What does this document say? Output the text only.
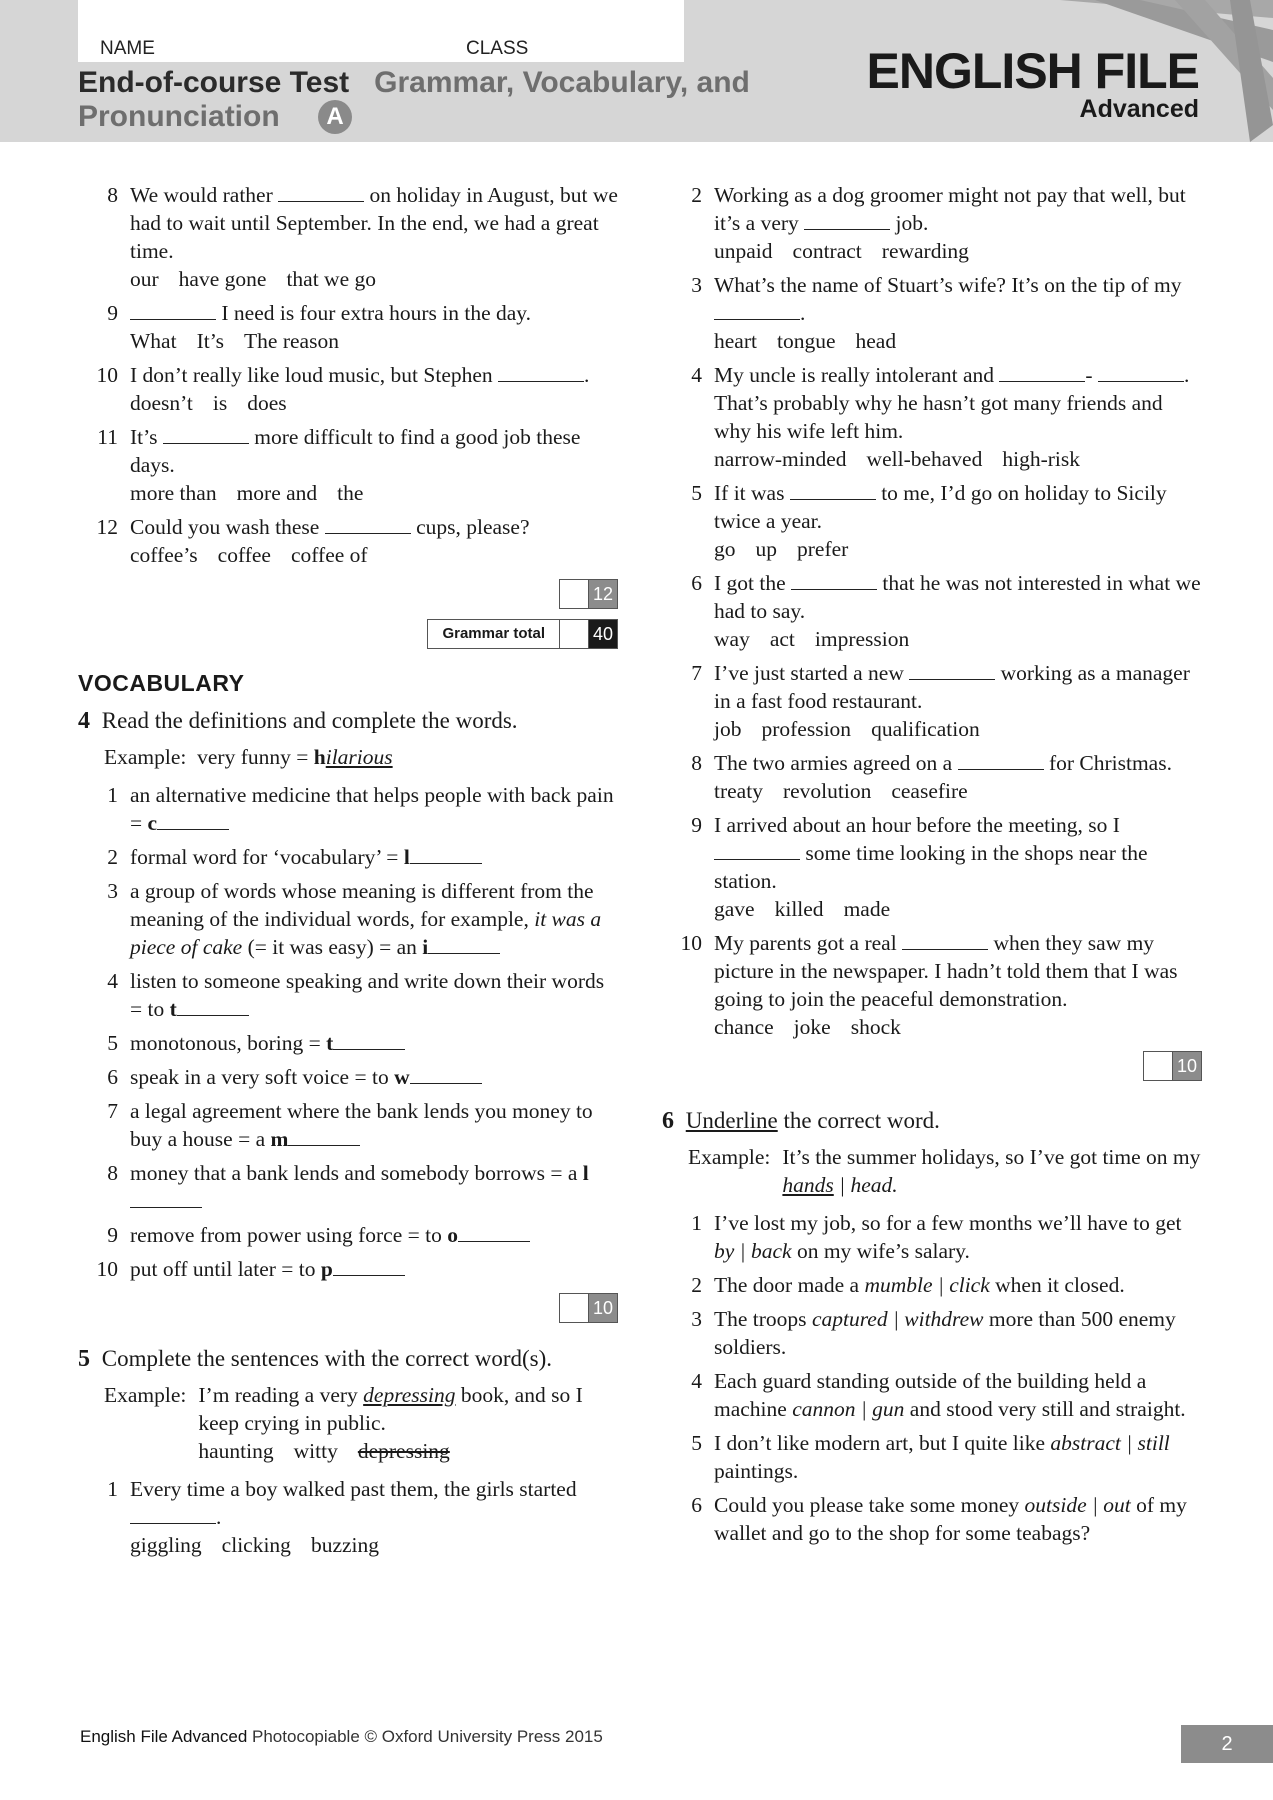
NAME	CLASS
End-of-course Test Grammar, Vocabulary, and
Pronunciation A
ENGLISH FILE
Advanced
8 We would rather	on holiday in August, but we had to wait until September. In the end, we had a great time.
our have gone that we go
9	I need is four extra hours in the day.
What It’s The reason
10 I don’t really like loud music, but Stephen	.
doesn’t is does
11 It’s	more difficult to find a good job these days.
more than more and the
12 Could you wash these	cups, please?
coffee’s coffee coffee of
12
Grammar total	40
VOCABULARY
4 Read the definitions and complete the words.
Example: very funny = hilarious
1 an alternative medicine that helps people with back pain = c
2 formal word for ‘vocabulary’ = l
3 a group of words whose meaning is different from the meaning of the individual words, for example, it was a piece of cake (= it was easy) = an i
4 listen to someone speaking and write down their words = to t
5 monotonous, boring = t
6 speak in a very soft voice = to w
7 a legal agreement where the bank lends you money to buy a house = a m
8 money that a bank lends and somebody borrows = a l
9 remove from power using force = to o
10 put off until later = to p
10
5 Complete the sentences with the correct word(s).
Example: I’m reading a very depressing book, and so I keep crying in public.
haunting witty depressing
1 Every time a boy walked past them, the girls started .
giggling clicking buzzing
2 Working as a dog groomer might not pay that well, but it’s a very	job.
unpaid contract rewarding
3 What’s the name of Stuart’s wife? It’s on the tip of my .
heart tongue head
4 My uncle is really intolerant and	-	. That’s probably why he hasn’t got many friends and why his wife left him.
narrow-minded well-behaved high-risk
5 If it was	to me, I’d go on holiday to Sicily twice a year.
go up prefer
6 I got the	that he was not interested in what we had to say.
way act impression
7 I’ve just started a new	working as a manager in a fast food restaurant.
job profession qualification
8 The two armies agreed on a	for Christmas.
treaty revolution ceasefire
9 I arrived about an hour before the meeting, so I  some time looking in the shops near the station.
gave killed made
10 My parents got a real	when they saw my picture in the newspaper. I hadn’t told them that I was going to join the peaceful demonstration.
chance joke shock
10
6 Underline the correct word.
Example: It’s the summer holidays, so I’ve got time on my hands | head.
1 I’ve lost my job, so for a few months we’ll have to get by | back on my wife’s salary.
2 The door made a mumble | click when it closed.
3 The troops captured | withdrew more than 500 enemy soldiers.
4 Each guard standing outside of the building held a machine cannon | gun and stood very still and straight.
5 I don’t like modern art, but I quite like abstract | still paintings.
6 Could you please take some money outside | out of my wallet and go to the shop for some teabags?
English File Advanced Photocopiable © Oxford University Press 2015	2
